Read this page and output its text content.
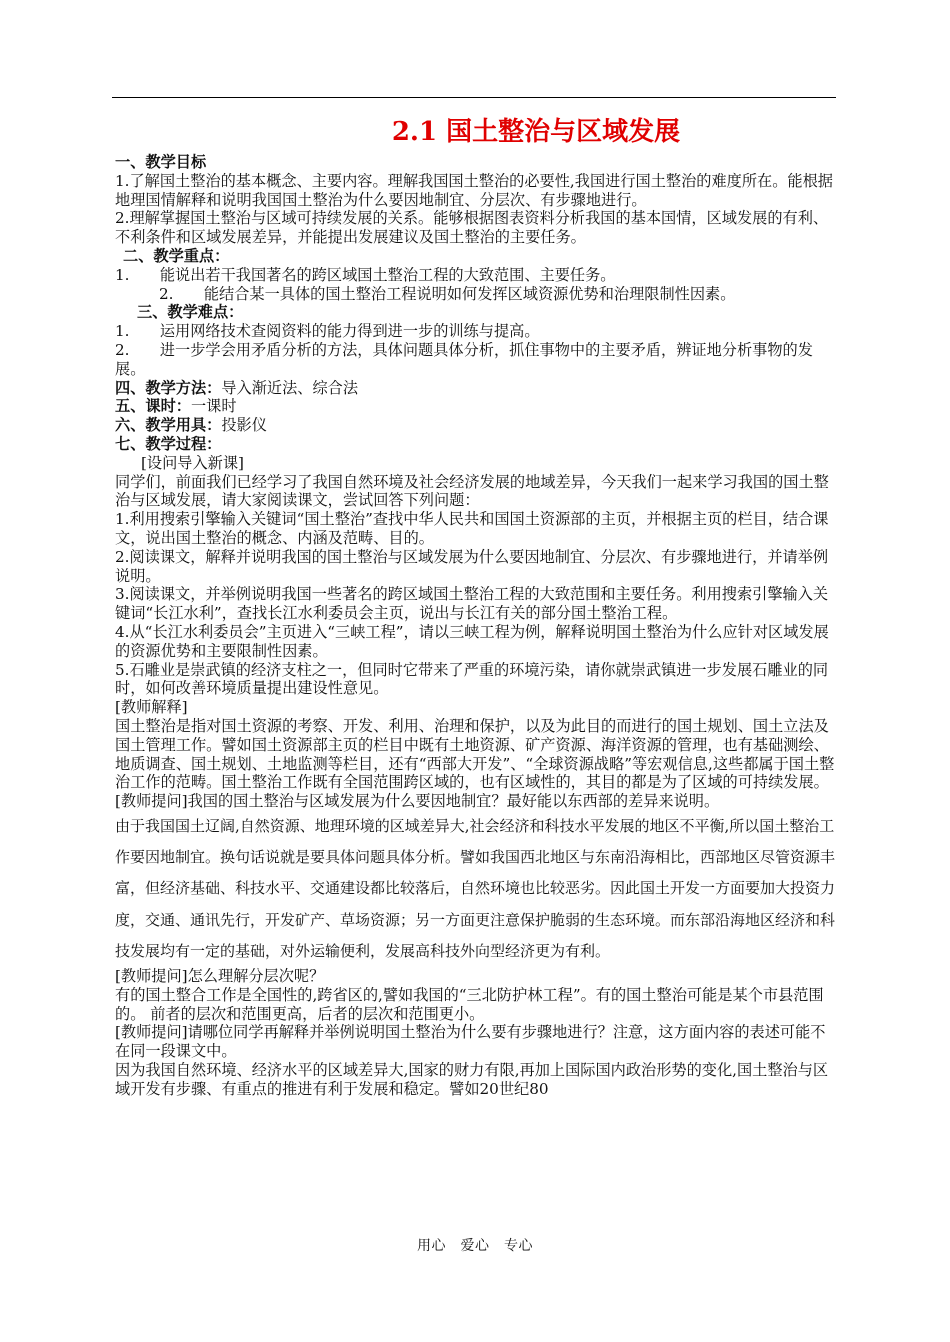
2.1 国土整治与区域发展

一、教学目标

1.了解国土整治的基本概念、主要内容。理解我国国土整治的必要性,我国进行国土整治的难度所在。能根据地理国情解释和说明我国国土整治为什么要因地制宜、分层次、有步骤地进行。

2.理解掌握国土整治与区域可持续发展的关系。能够根据图表资料分析我国的基本国情，区域发展的有利、不利条件和区域发展差异，并能提出发展建议及国土整治的主要任务。

二、教学重点：

1.　　能说出若干我国著名的跨区域国土整治工程的大致范围、主要任务。

2.　　能结合某一具体的国土整治工程说明如何发挥区域资源优势和治理限制性因素。

三、教学难点：

1.　　运用网络技术查阅资料的能力得到进一步的训练与提高。

2.　　进一步学会用矛盾分析的方法，具体问题具体分析，抓住事物中的主要矛盾，辨证地分析事物的发展。

四、教学方法：导入渐近法、综合法

五、课时：一课时

六、教学用具：投影仪

七、教学过程：

[设问导入新课]

同学们，前面我们已经学习了我国自然环境及社会经济发展的地域差异，今天我们一起来学习我国的国土整治与区域发展，请大家阅读课文，尝试回答下列问题：

1.利用搜索引擎输入关键词“国土整治”查找中华人民共和国国土资源部的主页，并根据主页的栏目，结合课文，说出国土整治的概念、内涵及范畴、目的。

2.阅读课文，解释并说明我国的国土整治与区域发展为什么要因地制宜、分层次、有步骤地进行，并请举例说明。

3.阅读课文，并举例说明我国一些著名的跨区域国土整治工程的大致范围和主要任务。利用搜索引擎输入关键词“长江水利”，查找长江水利委员会主页，说出与长江有关的部分国土整治工程。

4.从“长江水利委员会”主页进入“三峡工程”，请以三峡工程为例，解释说明国土整治为什么应针对区域发展的资源优势和主要限制性因素。

5.石雕业是崇武镇的经济支柱之一，但同时它带来了严重的环境污染，请你就崇武镇进一步发展石雕业的同时，如何改善环境质量提出建设性意见。

[教师解释]

国土整治是指对国土资源的考察、开发、利用、治理和保护，以及为此目的而进行的国土规划、国土立法及国土管理工作。譬如国土资源部主页的栏目中既有土地资源、矿产资源、海洋资源的管理，也有基础测绘、地质调查、国土规划、土地监测等栏目，还有“西部大开发”、“全球资源战略”等宏观信息,这些都属于国土整治工作的范畴。国土整治工作既有全国范围跨区域的，也有区域性的，其目的都是为了区域的可持续发展。

[教师提问]我国的国土整治与区域发展为什么要因地制宜？最好能以东西部的差异来说明。

由于我国国土辽阔,自然资源、地理环境的区域差异大,社会经济和科技水平发展的地区不平衡,所以国土整治工作要因地制宜。换句话说就是要具体问题具体分析。譬如我国西北地区与东南沿海相比，西部地区尽管资源丰富，但经济基础、科技水平、交通建设都比较落后，自然环境也比较恶劣。因此国土开发一方面要加大投资力度，交通、通讯先行，开发矿产、草场资源；另一方面更注意保护脆弱的生态环境。而东部沿海地区经济和科技发展均有一定的基础，对外运输便利，发展高科技外向型经济更为有利。

[教师提问]怎么理解分层次呢？

有的国土整合工作是全国性的,跨省区的,譬如我国的“三北防护林工程”。有的国土整治可能是某个市县范围的。 前者的层次和范围更高，后者的层次和范围更小。

[教师提问]请哪位同学再解释并举例说明国土整治为什么要有步骤地进行？注意，这方面内容的表述可能不在同一段课文中。

因为我国自然环境、经济水平的区域差异大,国家的财力有限,再加上国际国内政治形势的变化,国土整治与区域开发有步骤、有重点的推进有利于发展和稳定。譬如20世纪80

用心　爱心　专心
